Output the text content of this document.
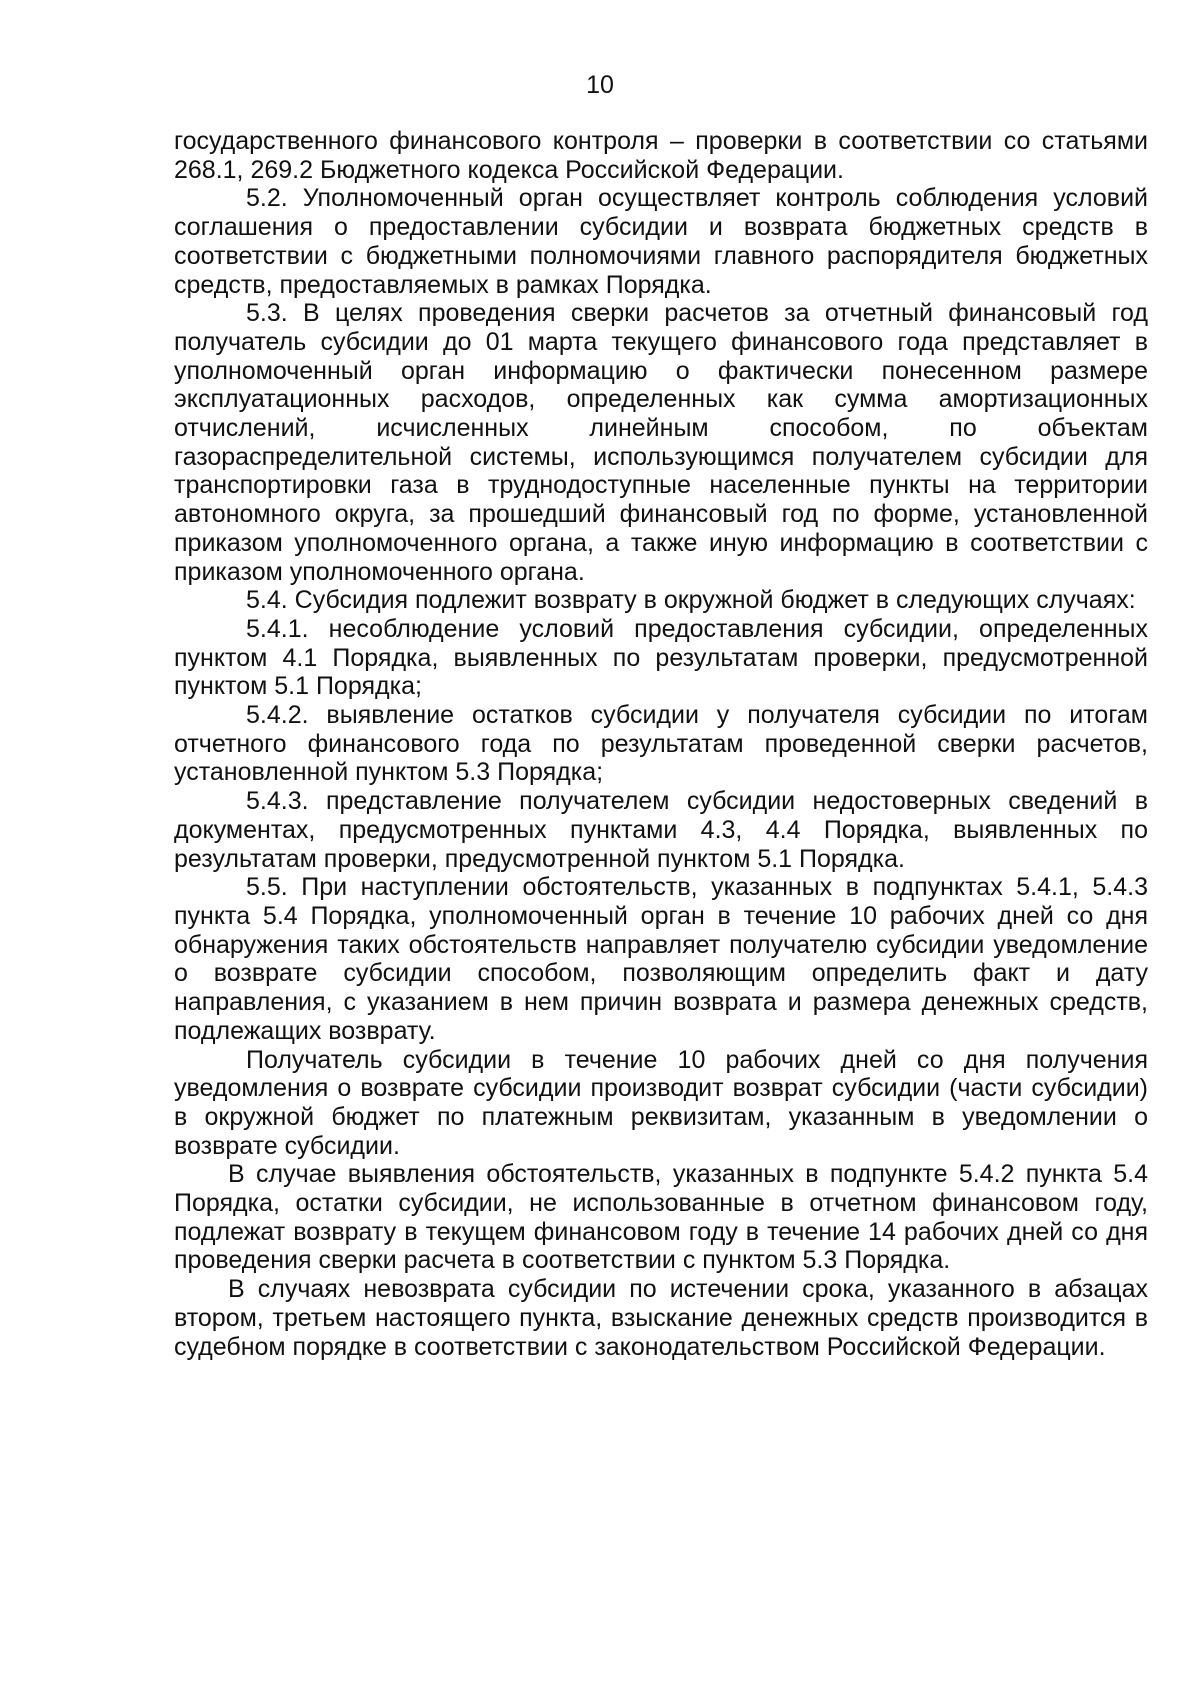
10

государственного финансового контроля – проверки в соответствии со статьями 268.1, 269.2 Бюджетного кодекса Российской Федерации.

5.2. Уполномоченный орган осуществляет контроль соблюдения условий соглашения о предоставлении субсидии и возврата бюджетных средств в соответствии с бюджетными полномочиями главного распорядителя бюджетных средств, предоставляемых в рамках Порядка.

5.3. В целях проведения сверки расчетов за отчетный финансовый год получатель субсидии до 01 марта текущего финансового года представляет в уполномоченный орган информацию о фактически понесенном размере эксплуатационных расходов, определенных как сумма амортизационных отчислений, исчисленных линейным способом, по объектам газораспределительной системы, использующимся получателем субсидии для транспортировки газа в труднодоступные населенные пункты на территории автономного округа, за прошедший финансовый год по форме, установленной приказом уполномоченного органа, а также иную информацию в соответствии с приказом уполномоченного органа.

5.4. Субсидия подлежит возврату в окружной бюджет в следующих случаях:

5.4.1. несоблюдение условий предоставления субсидии, определенных пунктом 4.1 Порядка, выявленных по результатам проверки, предусмотренной пунктом 5.1 Порядка;

5.4.2. выявление остатков субсидии у получателя субсидии по итогам отчетного финансового года по результатам проведенной сверки расчетов, установленной пунктом 5.3 Порядка;

5.4.3. представление получателем субсидии недостоверных сведений в документах, предусмотренных пунктами 4.3, 4.4 Порядка, выявленных по результатам проверки, предусмотренной пунктом 5.1 Порядка.

5.5. При наступлении обстоятельств, указанных в подпунктах 5.4.1, 5.4.3 пункта 5.4 Порядка, уполномоченный орган в течение 10 рабочих дней со дня обнаружения таких обстоятельств направляет получателю субсидии уведомление о возврате субсидии способом, позволяющим определить факт и дату направления, с указанием в нем причин возврата и размера денежных средств, подлежащих возврату.

Получатель субсидии в течение 10 рабочих дней со дня получения уведомления о возврате субсидии производит возврат субсидии (части субсидии) в окружной бюджет по платежным реквизитам, указанным в уведомлении о возврате субсидии.

В случае выявления обстоятельств, указанных в подпункте 5.4.2 пункта 5.4 Порядка, остатки субсидии, не использованные в отчетном финансовом году, подлежат возврату в текущем финансовом году в течение 14 рабочих дней со дня проведения сверки расчета в соответствии с пунктом 5.3 Порядка.

В случаях невозврата субсидии по истечении срока, указанного в абзацах втором, третьем настоящего пункта, взыскание денежных средств производится в судебном порядке в соответствии с законодательством Российской Федерации.
